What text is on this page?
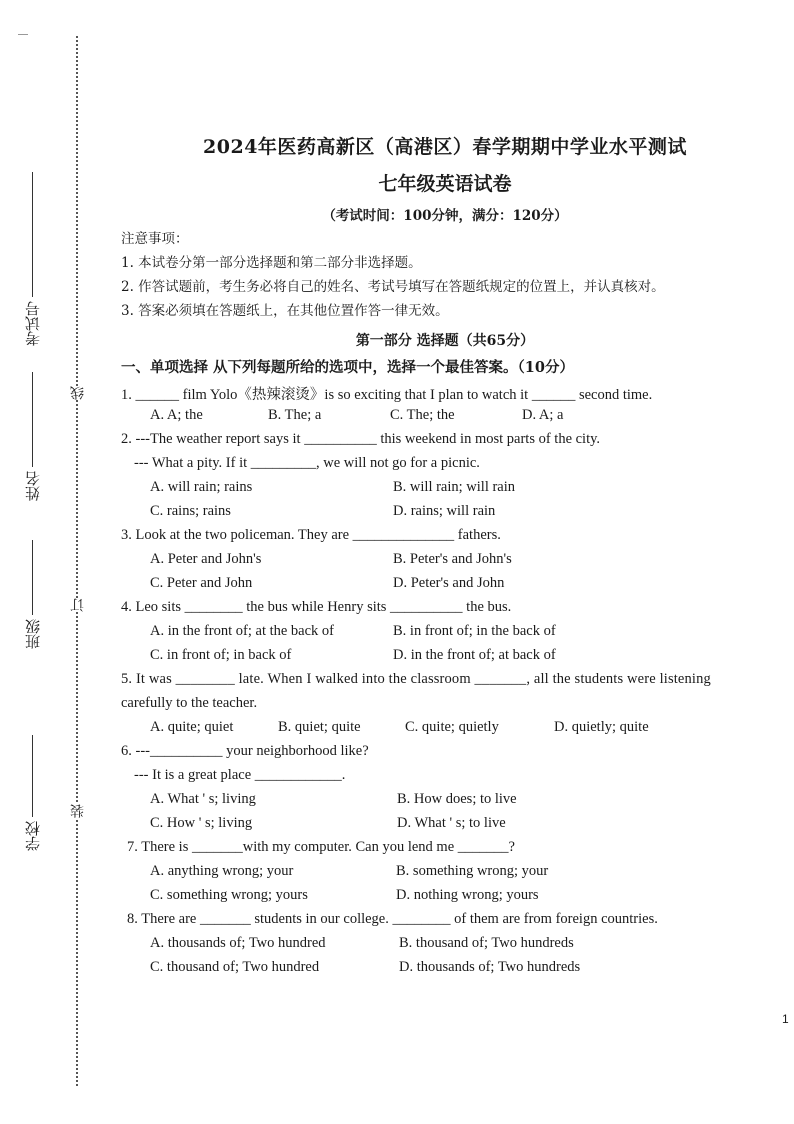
线
订
装
考试号
姓名
班级
学校
2024年医药高新区（高港区）春学期期中学业水平测试
七年级英语试卷
（考试时间：100分钟，满分：120分）
注意事项：
1. 本试卷分第一部分选择题和第二部分非选择题。
2. 作答试题前，考生务必将自己的姓名、考试号填写在答题纸规定的位置上，并认真核对。
3. 答案必须填在答题纸上，在其他位置作答一律无效。
第一部分 选择题（共65分）
一、单项选择 从下列每题所给的选项中，选择一个最佳答案。（10分）
1. ______ film Yolo《热辣滚烫》is so exciting that I plan to watch it ______ second time.
A. A; the	B. The; a	C. The; the	D. A; a
2. ---The weather report says it __________ this weekend in most parts of the city.
--- What a pity. If it _________, we will not go for a picnic.
A. will rain; rains	B. will rain; will rain
C. rains; rains	D. rains; will rain
3. Look at the two policeman. They are ______________ fathers.
A. Peter and John's	B. Peter's and John's
C. Peter and John	D. Peter's and John
4. Leo sits ________ the bus while Henry sits __________ the bus.
A. in the front of; at the back of	B. in front of; in the back of
C. in front of; in back of	D. in the front of; at back of
5. It was ________ late. When I walked into the classroom _______, all the students were listening
carefully to the teacher.
A. quite; quiet	B. quiet; quite	C. quite; quietly	D. quietly; quite
6. ---__________ your neighborhood like?
--- It is a great place ____________.
A. What ' s; living	B. How does; to live
C. How ' s; living	D. What ' s; to live
7. There is _______with my computer. Can you lend me _______?
A. anything wrong; your	B. something wrong; your
C. something wrong; yours	D. nothing wrong; yours
8. There are _______ students in our college. ________ of them are from foreign countries.
A. thousands of; Two hundred	B. thousand of; Two hundreds
C. thousand of; Two hundred	D. thousands of; Two hundreds
1
